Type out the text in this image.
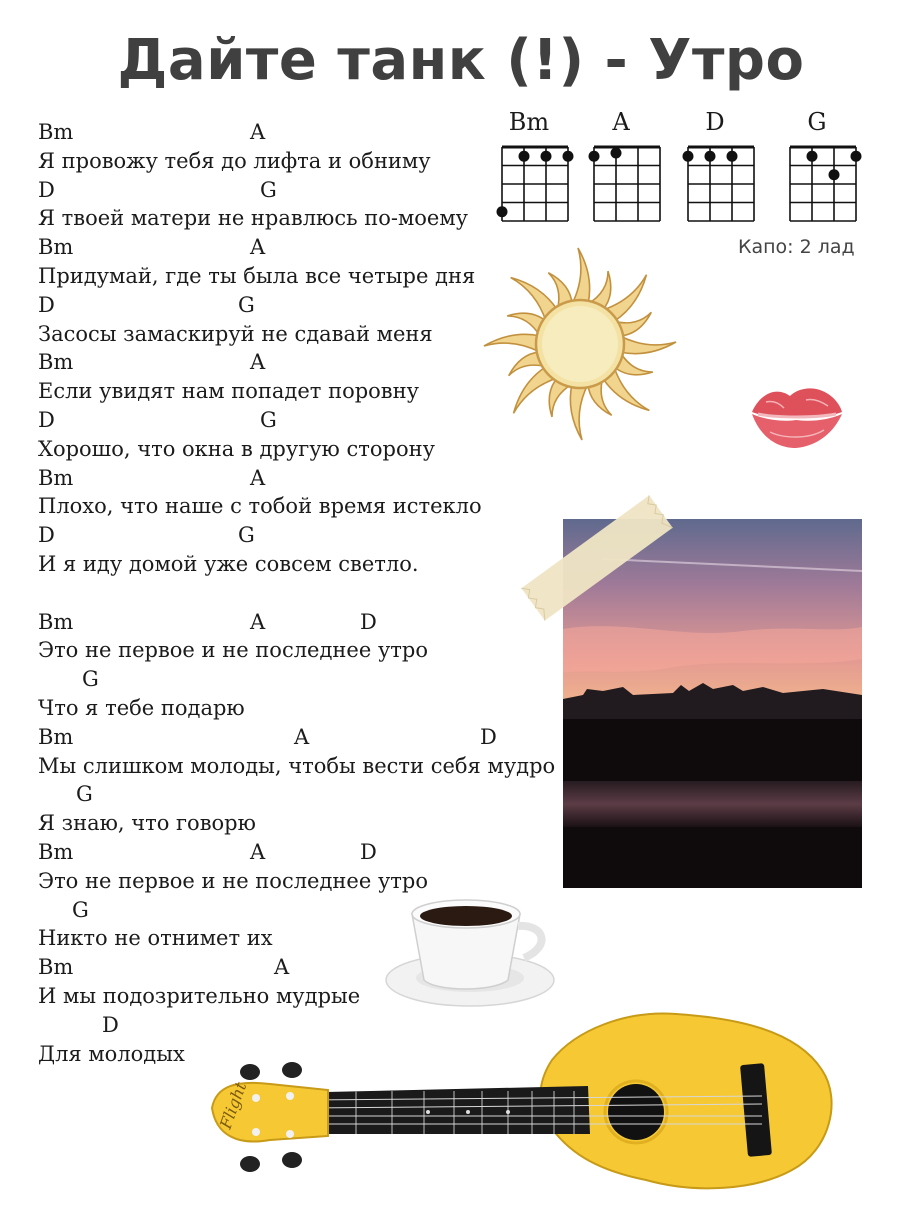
Дайте танк (!) - Утро
Bm	A
Я провожу тебя до лифта и обниму
D	G
Я твоей матери не нравлюсь по-моему
Bm	A
Придумай, где ты была все четыре дня
D	G
Засосы замаскируй не сдавай меня
Bm	A
Если увидят нам попадет поровну
D	G
Хорошо, что окна в другую сторону
Bm	A
Плохо, что наше с тобой время истекло
D	G
И я иду домой уже совсем светло.
Bm	A	D
Это не первое и не последнее утро
G
Что я тебе подарю
Bm	A	D
Мы слишком молоды, чтобы вести себя мудро
G
Я знаю, что говорю
Bm	A	D
Это не первое и не последнее утро
G
Никто не отнимет их
Bm	A
И мы подозрительно мудрые
D
Для молодых
Bm	A	D	G
Капо: 2 лад
Flight
